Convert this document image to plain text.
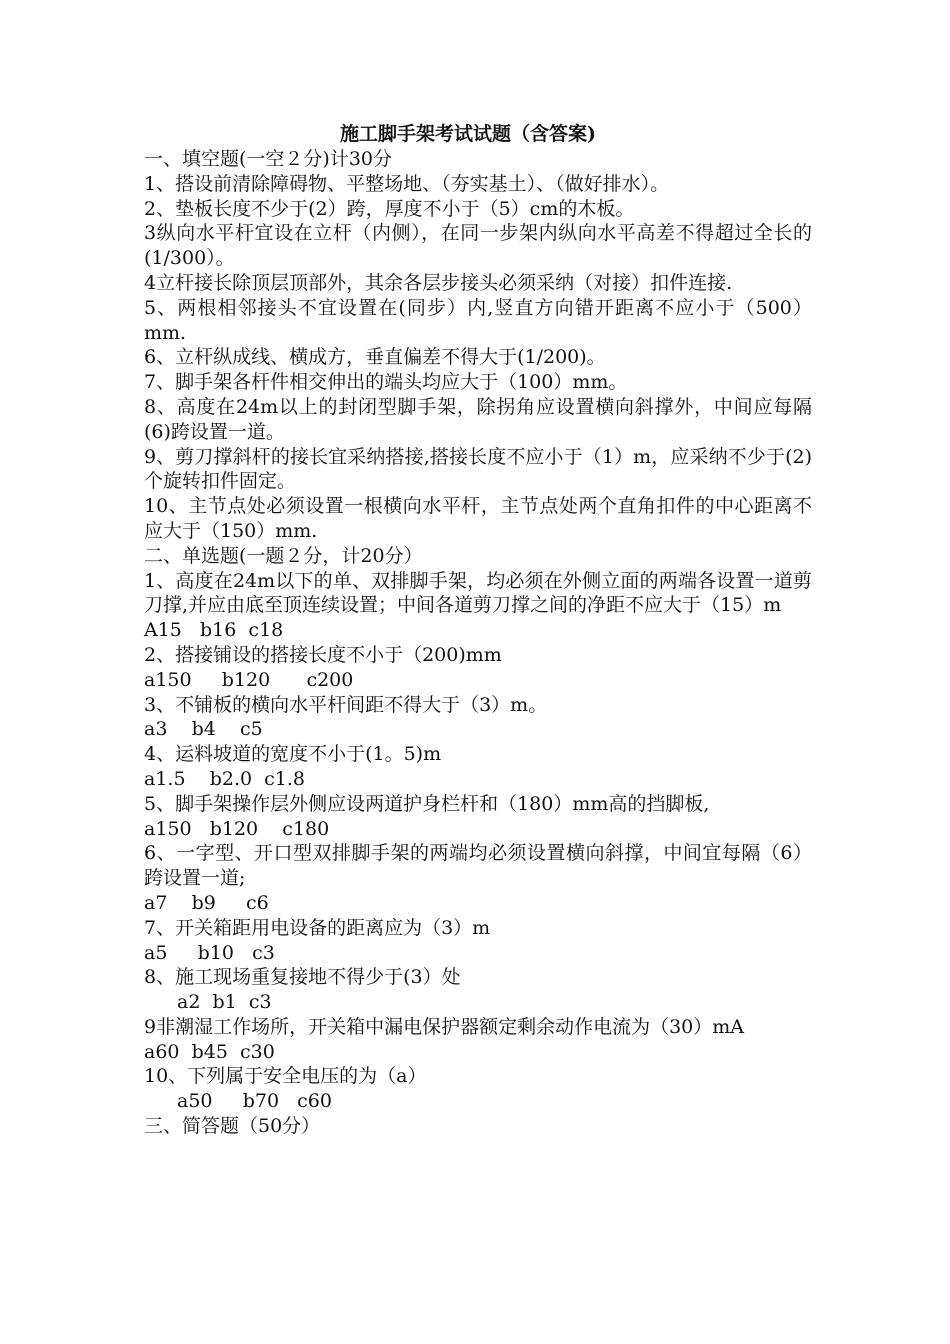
施工脚手架考试试题（含答案)
一、填空题(一空２分)计30分
1、搭设前清除障碍物、平整场地、（夯实基土）、（做好排水）。
2、垫板长度不少于(2）跨，厚度不小于（5）cm的木板。
3纵向水平杆宜设在立杆（内侧），在同一步架内纵向水平高差不得超过全长的(1/300）。
4立杆接长除顶层顶部外，其余各层步接头必须采纳（对接）扣件连接.
5、两根相邻接头不宜设置在(同步）内,竖直方向错开距离不应小于（500）mm.
6、立杆纵成线、横成方，垂直偏差不得大于(1/200)。
7、脚手架各杆件相交伸出的端头均应大于（100）mm。
8、高度在24m以上的封闭型脚手架，除拐角应设置横向斜撑外，中间应每隔(6)跨设置一道。
9、剪刀撑斜杆的接长宜采纳搭接,搭接长度不应小于（1）m，应采纳不少于(2)个旋转扣件固定。
10、主节点处必须设置一根横向水平杆，主节点处两个直角扣件的中心距离不应大于（150）mm.
二、单选题(一题２分，计20分）
1、高度在24m以下的单、双排脚手架，均必须在外侧立面的两端各设置一道剪刀撑,并应由底至顶连续设置；中间各道剪刀撑之间的净距不应大于（15）m
A15   b16  c18
2、搭接铺设的搭接长度不小于（200)mm
a150     b120      c200
3、不铺板的横向水平杆间距不得大于（3）m。
a3    b4    c5
4、运料坡道的宽度不小于(1。5)m
a1.5    b2.0  c1.8
5、脚手架操作层外侧应设两道护身栏杆和（180）mm高的挡脚板,
a150   b120    c180
6、一字型、开口型双排脚手架的两端均必须设置横向斜撑，中间宜每隔（6）跨设置一道;
a7    b9     c6
7、开关箱距用电设备的距离应为（3）m
a5     b10   c3
8、施工现场重复接地不得少于(3）处
a2  b1  c3
9非潮湿工作场所，开关箱中漏电保护器额定剩余动作电流为（30）mA
a60  b45  c30
10、下列属于安全电压的为（a）
a50     b70   c60
三、简答题（50分）
